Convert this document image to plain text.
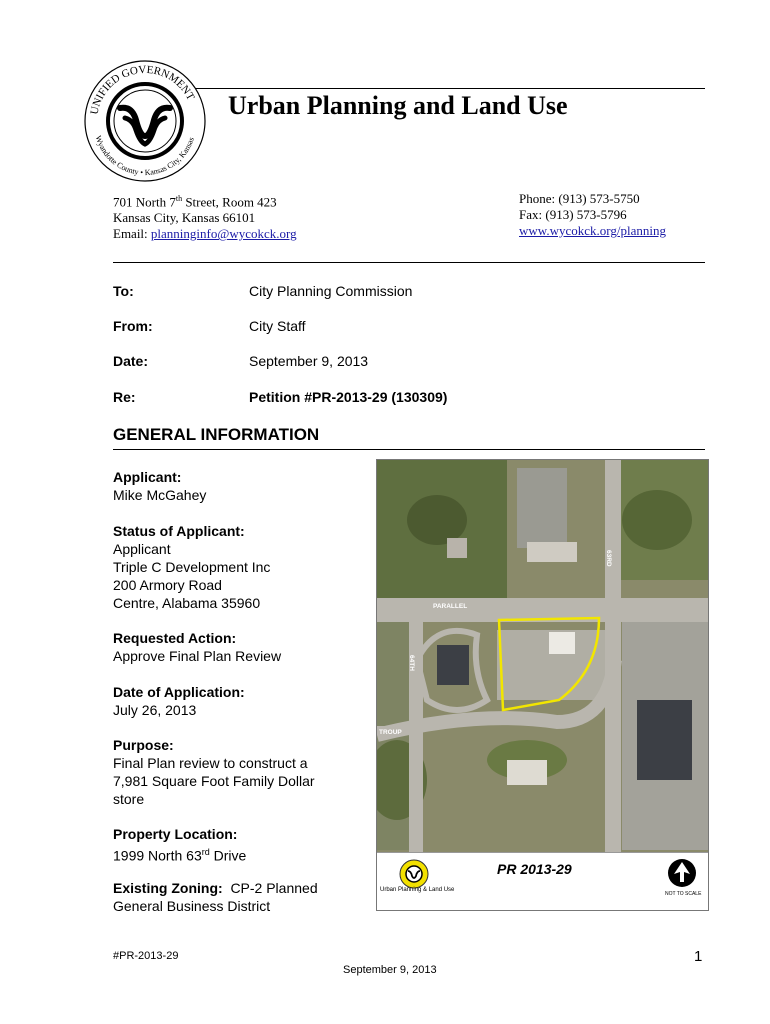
UNIFIED GOVERNMENT
Wyandotte County • Kansas City, Kansas
Urban Planning and Land Use
701 North 7th Street, Room 423
Kansas City, Kansas 66101
Email: planninginfo@wycokck.org
Phone: (913) 573-5750
Fax: (913) 573-5796
www.wycokck.org/planning
To:	City Planning Commission
From:	City Staff
Date:	September 9, 2013
Re:	Petition #PR-2013-29 (130309)
GENERAL INFORMATION
Applicant:
Mike McGahey
Status of Applicant:
Applicant
Triple C Development Inc
200 Armory Road
Centre, Alabama 35960
Requested Action:
Approve Final Plan Review
Date of Application:
July 26, 2013
Purpose:
Final Plan review to construct a
7,981 Square Foot Family Dollar
store
Property Location:
1999 North 63rd Drive
Existing Zoning: CP-2 Planned
General Business District
PARALLEL
63RD
64TH
TROUP
Urban Planning & Land Use
PR 2013-29
NOT TO SCALE
#PR-2013-29	1
September 9, 2013
